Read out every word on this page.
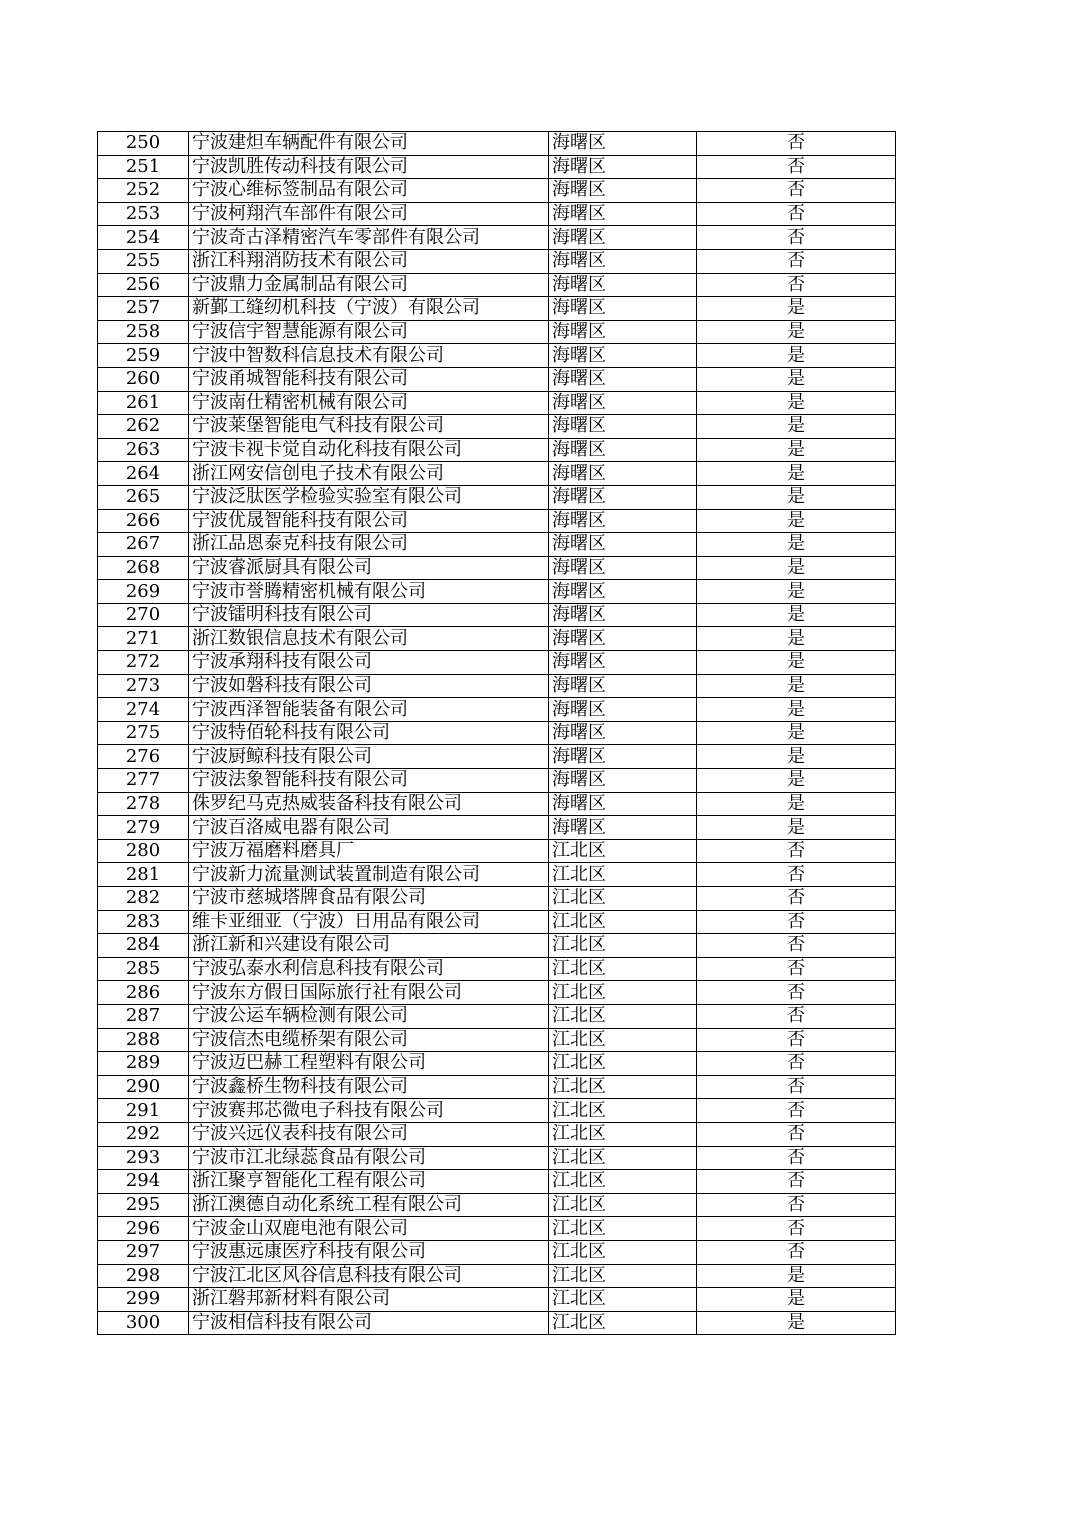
250	宁波建炟车辆配件有限公司	海曙区	否
251	宁波凯胜传动科技有限公司	海曙区	否
252	宁波心维标签制品有限公司	海曙区	否
253	宁波柯翔汽车部件有限公司	海曙区	否
254	宁波奇古泽精密汽车零部件有限公司	海曙区	否
255	浙江科翔消防技术有限公司	海曙区	否
256	宁波鼎力金属制品有限公司	海曙区	否
257	新鄞工缝纫机科技（宁波）有限公司	海曙区	是
258	宁波信宇智慧能源有限公司	海曙区	是
259	宁波中智数科信息技术有限公司	海曙区	是
260	宁波甬城智能科技有限公司	海曙区	是
261	宁波南仕精密机械有限公司	海曙区	是
262	宁波莱堡智能电气科技有限公司	海曙区	是
263	宁波卡视卡觉自动化科技有限公司	海曙区	是
264	浙江网安信创电子技术有限公司	海曙区	是
265	宁波泛肽医学检验实验室有限公司	海曙区	是
266	宁波优晟智能科技有限公司	海曙区	是
267	浙江品恩泰克科技有限公司	海曙区	是
268	宁波睿派厨具有限公司	海曙区	是
269	宁波市誉腾精密机械有限公司	海曙区	是
270	宁波镭明科技有限公司	海曙区	是
271	浙江数银信息技术有限公司	海曙区	是
272	宁波承翔科技有限公司	海曙区	是
273	宁波如磐科技有限公司	海曙区	是
274	宁波西泽智能装备有限公司	海曙区	是
275	宁波特佰轮科技有限公司	海曙区	是
276	宁波厨鲸科技有限公司	海曙区	是
277	宁波法象智能科技有限公司	海曙区	是
278	侏罗纪马克热威装备科技有限公司	海曙区	是
279	宁波百洛威电器有限公司	海曙区	是
280	宁波万福磨料磨具厂	江北区	否
281	宁波新力流量测试装置制造有限公司	江北区	否
282	宁波市慈城塔牌食品有限公司	江北区	否
283	维卡亚细亚（宁波）日用品有限公司	江北区	否
284	浙江新和兴建设有限公司	江北区	否
285	宁波弘泰水利信息科技有限公司	江北区	否
286	宁波东方假日国际旅行社有限公司	江北区	否
287	宁波公运车辆检测有限公司	江北区	否
288	宁波信杰电缆桥架有限公司	江北区	否
289	宁波迈巴赫工程塑料有限公司	江北区	否
290	宁波鑫桥生物科技有限公司	江北区	否
291	宁波赛邦芯微电子科技有限公司	江北区	否
292	宁波兴远仪表科技有限公司	江北区	否
293	宁波市江北绿蕊食品有限公司	江北区	否
294	浙江聚亨智能化工程有限公司	江北区	否
295	浙江澳德自动化系统工程有限公司	江北区	否
296	宁波金山双鹿电池有限公司	江北区	否
297	宁波惠远康医疗科技有限公司	江北区	否
298	宁波江北区风谷信息科技有限公司	江北区	是
299	浙江磐邦新材料有限公司	江北区	是
300	宁波相信科技有限公司	江北区	是
